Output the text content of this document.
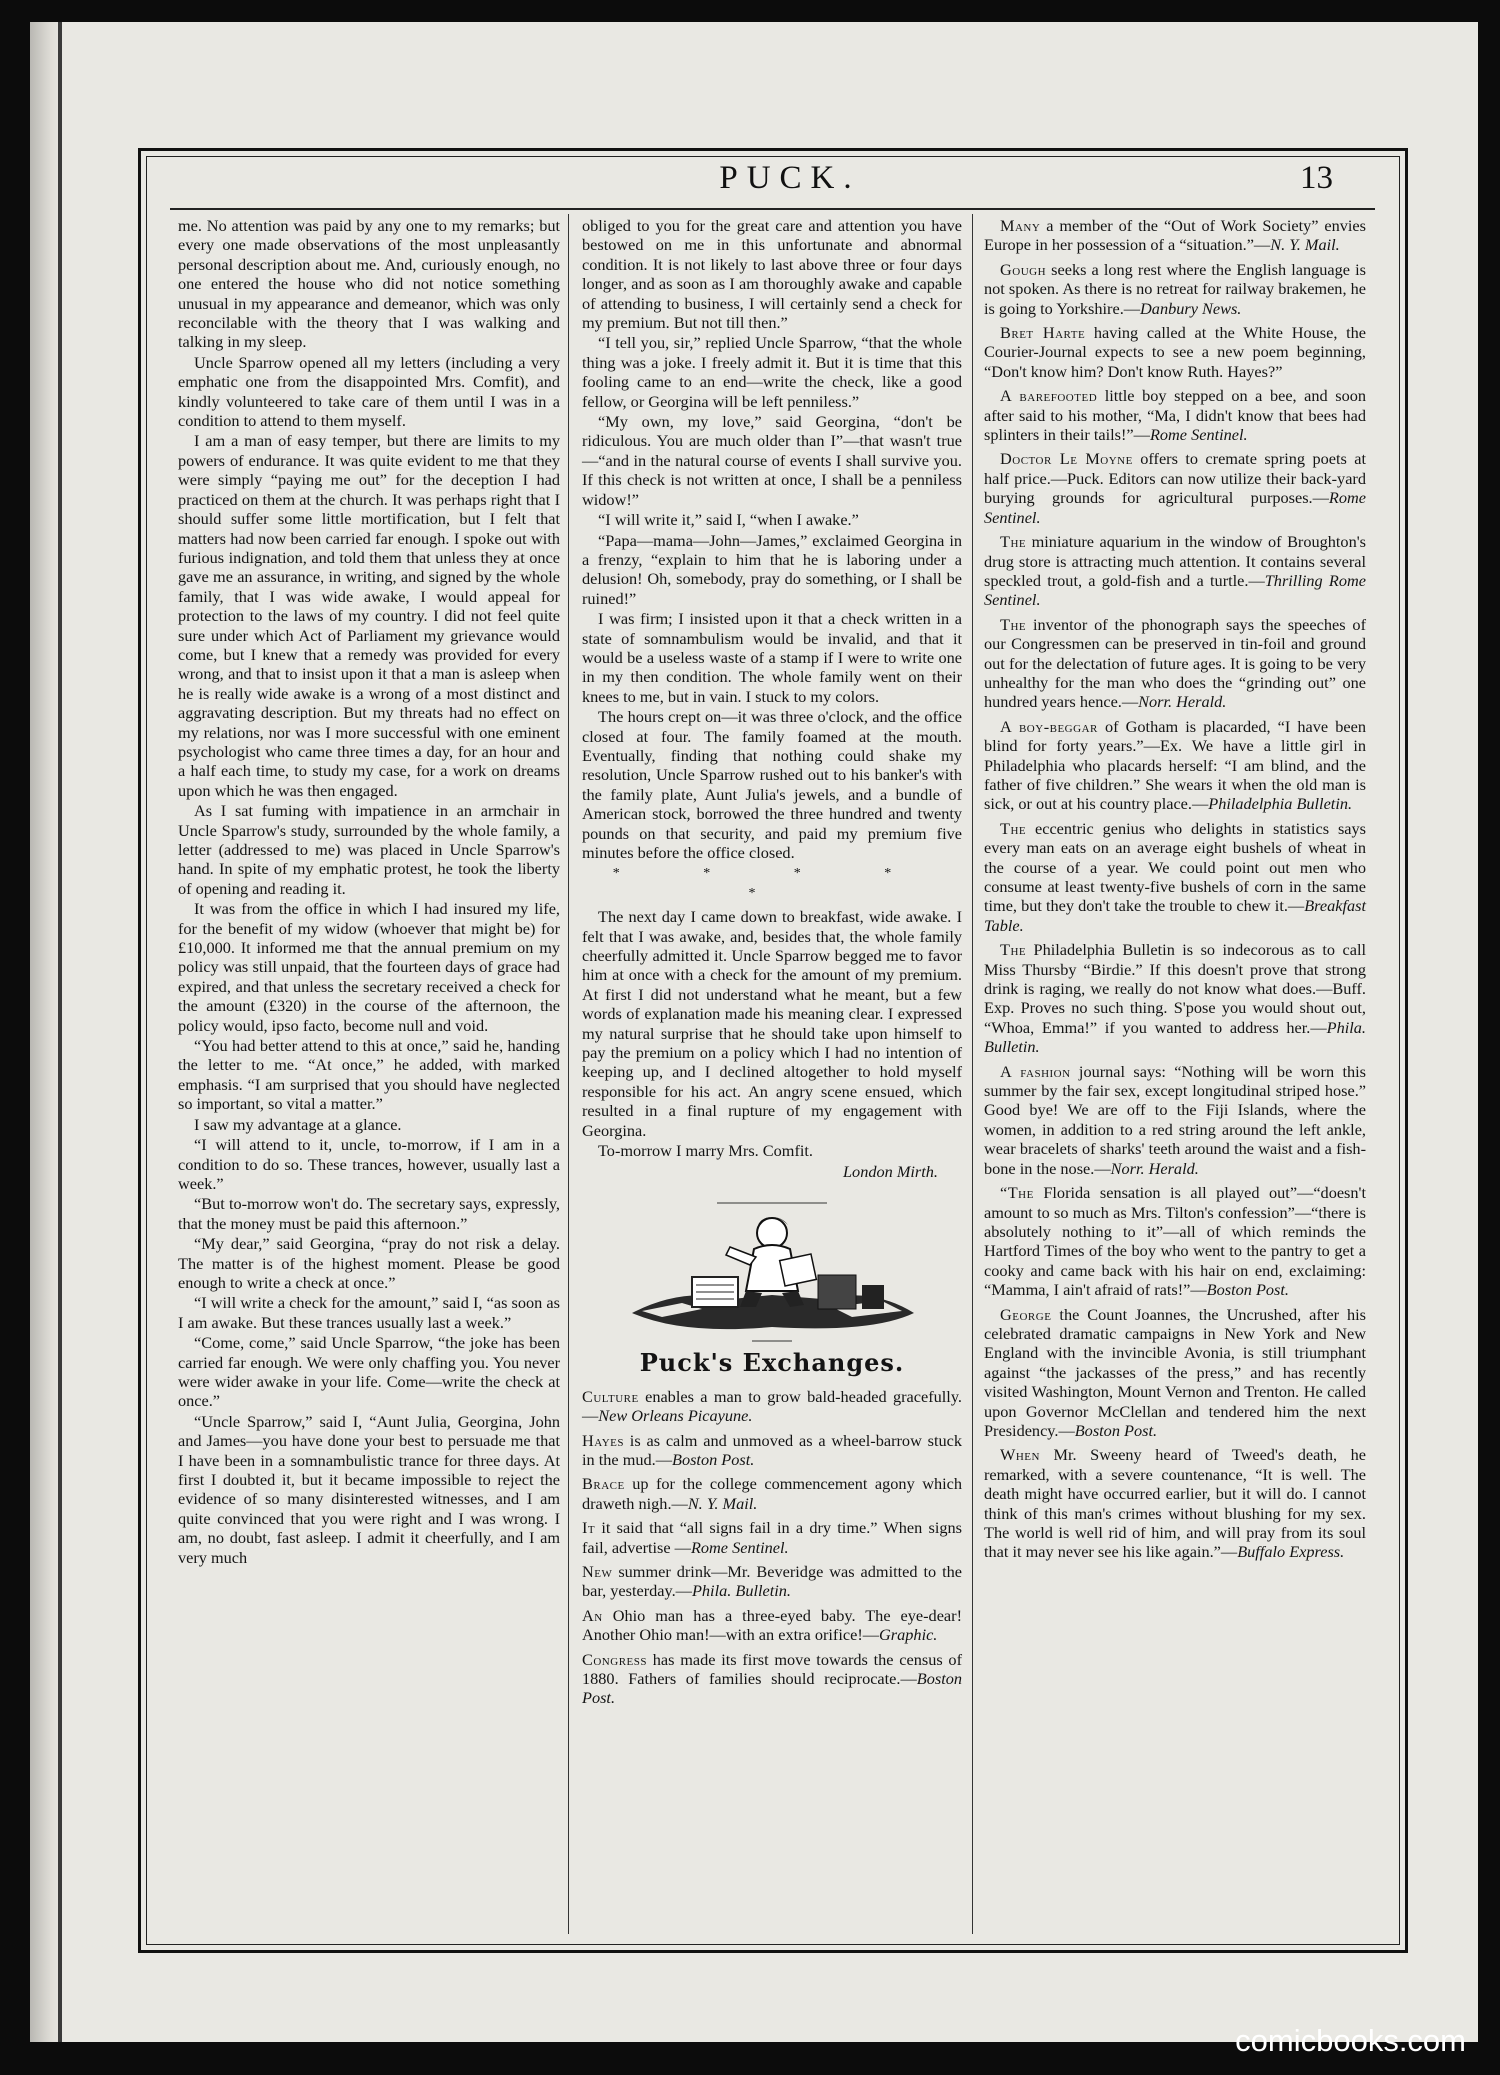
PUCK.	13

me. No attention was paid by any one to my remarks; but every one made observations of the most unpleasantly personal description about me. And, curiously enough, no one entered the house who did not notice something unusual in my appearance and demeanor, which was only reconcilable with the theory that I was walking and talking in my sleep.

Uncle Sparrow opened all my letters (including a very emphatic one from the disappointed Mrs. Comfit), and kindly volunteered to take care of them until I was in a condition to attend to them myself.

I am a man of easy temper, but there are limits to my powers of endurance. It was quite evident to me that they were simply “paying me out” for the deception I had practiced on them at the church. It was perhaps right that I should suffer some little mortification, but I felt that matters had now been carried far enough. I spoke out with furious indignation, and told them that unless they at once gave me an assurance, in writing, and signed by the whole family, that I was wide awake, I would appeal for protection to the laws of my country. I did not feel quite sure under which Act of Parliament my grievance would come, but I knew that a remedy was provided for every wrong, and that to insist upon it that a man is asleep when he is really wide awake is a wrong of a most distinct and aggravating description. But my threats had no effect on my relations, nor was I more successful with one eminent psychologist who came three times a day, for an hour and a half each time, to study my case, for a work on dreams upon which he was then engaged.

As I sat fuming with impatience in an armchair in Uncle Sparrow's study, surrounded by the whole family, a letter (addressed to me) was placed in Uncle Sparrow's hand. In spite of my emphatic protest, he took the liberty of opening and reading it.

It was from the office in which I had insured my life, for the benefit of my widow (whoever that might be) for £10,000. It informed me that the annual premium on my policy was still unpaid, that the fourteen days of grace had expired, and that unless the secretary received a check for the amount (£320) in the course of the afternoon, the policy would, ipso facto, become null and void.

“You had better attend to this at once,” said he, handing the letter to me. “At once,” he added, with marked emphasis. “I am surprised that you should have neglected so important, so vital a matter.”

I saw my advantage at a glance.

“I will attend to it, uncle, to-morrow, if I am in a condition to do so. These trances, however, usually last a week.”

“But to-morrow won't do. The secretary says, expressly, that the money must be paid this afternoon.”

“My dear,” said Georgina, “pray do not risk a delay. The matter is of the highest moment. Please be good enough to write a check at once.”

“I will write a check for the amount,” said I, “as soon as I am awake. But these trances usually last a week.”

“Come, come,” said Uncle Sparrow, “the joke has been carried far enough. We were only chaffing you. You never were wider awake in your life. Come—write the check at once.”

“Uncle Sparrow,” said I, “Aunt Julia, Georgina, John and James—you have done your best to persuade me that I have been in a somnambulistic trance for three days. At first I doubted it, but it became impossible to reject the evidence of so many disinterested witnesses, and I am quite convinced that you were right and I was wrong. I am, no doubt, fast asleep. I admit it cheerfully, and I am very much

obliged to you for the great care and attention you have bestowed on me in this unfortunate and abnormal condition. It is not likely to last above three or four days longer, and as soon as I am thoroughly awake and capable of attending to business, I will certainly send a check for my premium. But not till then.”

“I tell you, sir,” replied Uncle Sparrow, “that the whole thing was a joke. I freely admit it. But it is time that this fooling came to an end—write the check, like a good fellow, or Georgina will be left penniless.”

“My own, my love,” said Georgina, “don't be ridiculous. You are much older than I”—that wasn't true—“and in the natural course of events I shall survive you. If this check is not written at once, I shall be a penniless widow!”

“I will write it,” said I, “when I awake.”

“Papa—mama—John—James,” exclaimed Georgina in a frenzy, “explain to him that he is laboring under a delusion! Oh, somebody, pray do something, or I shall be ruined!”

I was firm; I insisted upon it that a check written in a state of somnambulism would be invalid, and that it would be a useless waste of a stamp if I were to write one in my then condition. The whole family went on their knees to me, but in vain. I stuck to my colors.

The hours crept on—it was three o'clock, and the office closed at four. The family foamed at the mouth. Eventually, finding that nothing could shake my resolution, Uncle Sparrow rushed out to his banker's with the family plate, Aunt Julia's jewels, and a bundle of American stock, borrowed the three hundred and twenty pounds on that security, and paid my premium five minutes before the office closed.

* * * * *

The next day I came down to breakfast, wide awake. I felt that I was awake, and, besides that, the whole family cheerfully admitted it. Uncle Sparrow begged me to favor him at once with a check for the amount of my premium. At first I did not understand what he meant, but a few words of explanation made his meaning clear. I expressed my natural surprise that he should take upon himself to pay the premium on a policy which I had no intention of keeping up, and I declined altogether to hold myself responsible for his act. An angry scene ensued, which resulted in a final rupture of my engagement with Georgina.

To-morrow I marry Mrs. Comfit.

London Mirth.
Puck's Exchanges.

Culture enables a man to grow bald-headed gracefully.—New Orleans Picayune.

Hayes is as calm and unmoved as a wheel-barrow stuck in the mud.—Boston Post.

Brace up for the college commencement agony which draweth nigh.—N. Y. Mail.

It it said that “all signs fail in a dry time.” When signs fail, advertise —Rome Sentinel.

New summer drink—Mr. Beveridge was admitted to the bar, yesterday.—Phila. Bulletin.

An Ohio man has a three-eyed baby. The eye-dear! Another Ohio man!—with an extra orifice!—Graphic.

Congress has made its first move towards the census of 1880. Fathers of families should reciprocate.—Boston Post.

Many a member of the “Out of Work Society” envies Europe in her possession of a “situation.”—N. Y. Mail.

Gough seeks a long rest where the English language is not spoken. As there is no retreat for railway brakemen, he is going to Yorkshire.—Danbury News.

Bret Harte having called at the White House, the Courier-Journal expects to see a new poem beginning, “Don't know him? Don't know Ruth. Hayes?”

A barefooted little boy stepped on a bee, and soon after said to his mother, “Ma, I didn't know that bees had splinters in their tails!”—Rome Sentinel.

Doctor Le Moyne offers to cremate spring poets at half price.—Puck. Editors can now utilize their back-yard burying grounds for agricultural purposes.—Rome Sentinel.

The miniature aquarium in the window of Broughton's drug store is attracting much attention. It contains several speckled trout, a gold-fish and a turtle.—Thrilling Rome Sentinel.

The inventor of the phonograph says the speeches of our Congressmen can be preserved in tin-foil and ground out for the delectation of future ages. It is going to be very unhealthy for the man who does the “grinding out” one hundred years hence.—Norr. Herald.

A boy-beggar of Gotham is placarded, “I have been blind for forty years.”—Ex. We have a little girl in Philadelphia who placards herself: “I am blind, and the father of five children.” She wears it when the old man is sick, or out at his country place.—Philadelphia Bulletin.

The eccentric genius who delights in statistics says every man eats on an average eight bushels of wheat in the course of a year. We could point out men who consume at least twenty-five bushels of corn in the same time, but they don't take the trouble to chew it.—Breakfast Table.

The Philadelphia Bulletin is so indecorous as to call Miss Thursby “Birdie.” If this doesn't prove that strong drink is raging, we really do not know what does.—Buff. Exp. Proves no such thing. S'pose you would shout out, “Whoa, Emma!” if you wanted to address her.—Phila. Bulletin.

A fashion journal says: “Nothing will be worn this summer by the fair sex, except longitudinal striped hose.” Good bye! We are off to the Fiji Islands, where the women, in addition to a red string around the left ankle, wear bracelets of sharks' teeth around the waist and a fish-bone in the nose.—Norr. Herald.

“The Florida sensation is all played out”—“doesn't amount to so much as Mrs. Tilton's confession”—“there is absolutely nothing to it”—all of which reminds the Hartford Times of the boy who went to the pantry to get a cooky and came back with his hair on end, exclaiming: “Mamma, I ain't afraid of rats!”—Boston Post.

George the Count Joannes, the Uncrushed, after his celebrated dramatic campaigns in New York and New England with the invincible Avonia, is still triumphant against “the jackasses of the press,” and has recently visited Washington, Mount Vernon and Trenton. He called upon Governor McClellan and tendered him the next Presidency.—Boston Post.

When Mr. Sweeny heard of Tweed's death, he remarked, with a severe countenance, “It is well. The death might have occurred earlier, but it will do. I cannot think of this man's crimes without blushing for my sex. The world is well rid of him, and will pray from its soul that it may never see his like again.”—Buffalo Express.

comicbooks.com
